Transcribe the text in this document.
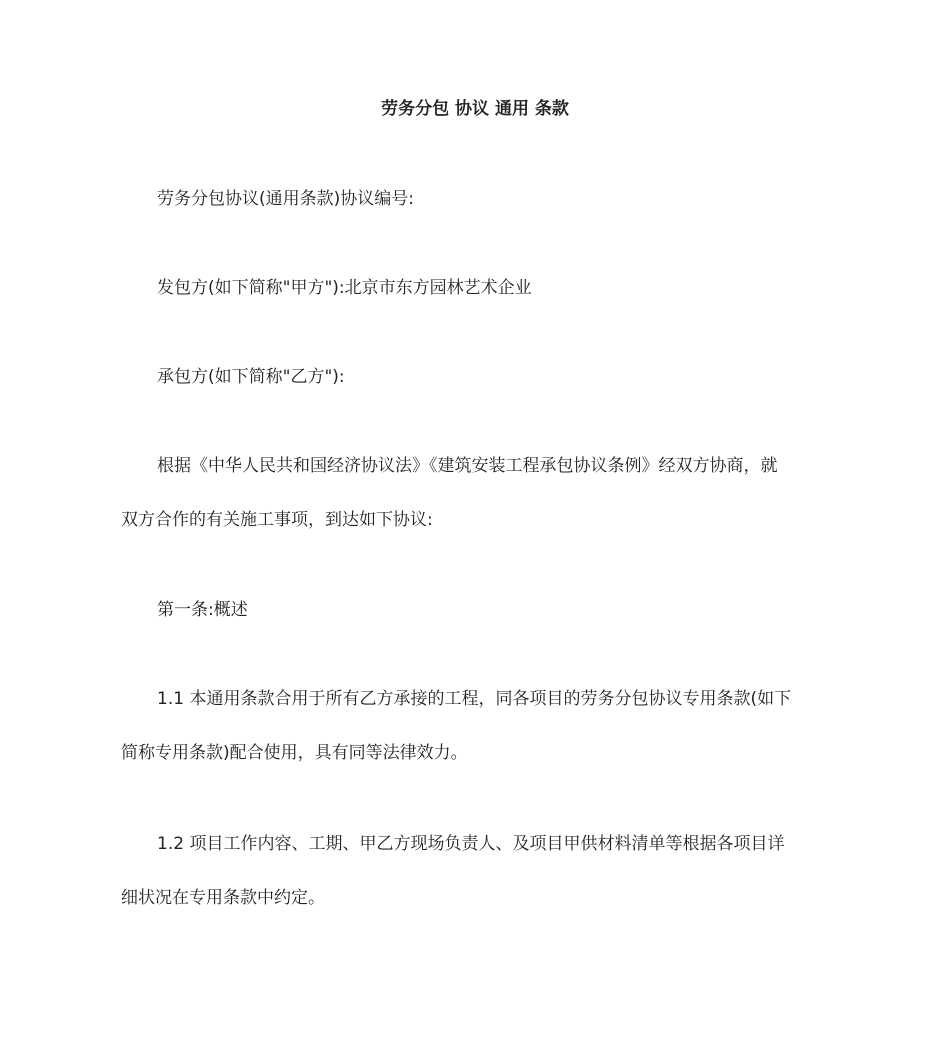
劳务分包 协议 通用 条款
劳务分包协议(通用条款)协议编号:
发包方(如下简称"甲方"):北京市东方园林艺术企业
承包方(如下简称"乙方"):
根据《中华人民共和国经济协议法》《建筑安装工程承包协议条例》经双方协商，就
双方合作的有关施工事项，到达如下协议:
第一条:概述
1.1 本通用条款合用于所有乙方承接的工程，同各项目的劳务分包协议专用条款(如下
简称专用条款)配合使用，具有同等法律效力。
1.2 项目工作内容、工期、甲乙方现场负责人、及项目甲供材料清单等根据各项目详
细状况在专用条款中约定。
